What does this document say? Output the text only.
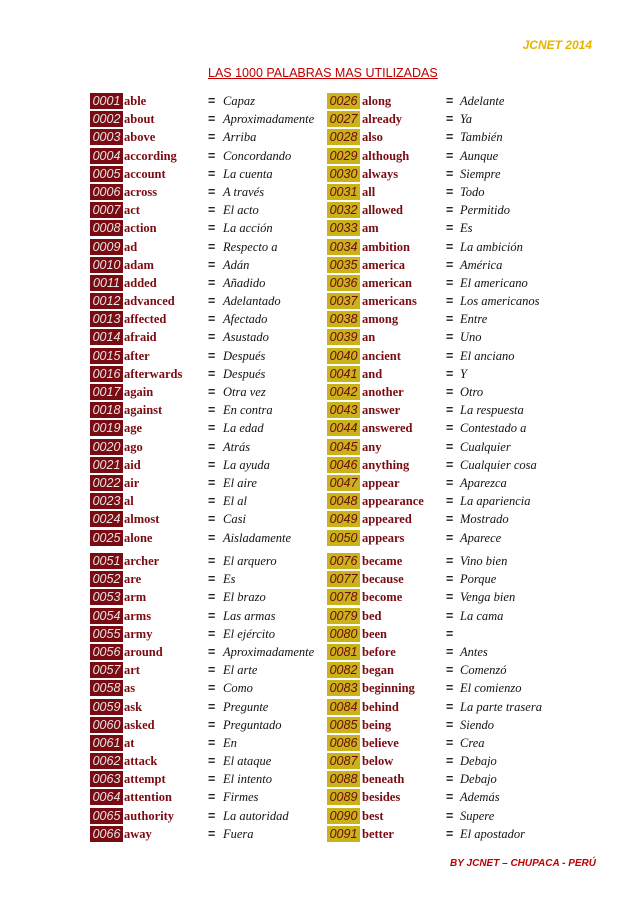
JCNET 2014
LAS 1000 PALABRAS MAS UTILIZADAS
0001 able	= Capaz	0026 along	= Adelante
0002 about	= Aproximadamente 0027 already	= Ya
0003 above	= Arriba	0028 also	= También
0004 according = Concordando	0029 although	= Aunque
0005 account	= La cuenta	0030 always	= Siempre
0006 across	= A través	0031 all	= Todo
0007 act	= El acto	0032 allowed	= Permitido
0008 action	= La acción	0033 am	= Es
0009 ad	= Respecto a	0034 ambition	= La ambición
0010 adam	= Adán	0035 america	= América
0011 added	= Añadido	0036 american	= El americano
0012 advanced	= Adelantado	0037 americans = Los americanos
0013 affected	= Afectado	0038 among	= Entre
0014 afraid	= Asustado	0039 an	= Uno
0015 after	= Después	0040 ancient	= El anciano
0016 afterwards = Después	0041 and	= Y
0017 again	= Otra vez	0042 another	= Otro
0018 against	= En contra	0043 answer	= La respuesta
0019 age	= La edad	0044 answered	= Contestado a
0020 ago	= Atrás	0045 any	= Cualquier
0021 aid	= La ayuda	0046 anything	= Cualquier cosa
0022 air	= El aire	0047 appear	= Aparezca
0023 al	= El al	0048 appearance = La apariencia
0024 almost	= Casi	0049 appeared	= Mostrado
0025 alone	= Aisladamente	0050 appears	= Aparece
0051 archer	= El arquero	0076 became	= Vino bien
0052 are	= Es	0077 because	= Porque
0053 arm	= El brazo	0078 become	= Venga bien
0054 arms	= Las armas	0079 bed	= La cama
0055 army	= El ejército	0080 been	=
0056 around	= Aproximadamente 0081 before	= Antes
0057 art	= El arte	0082 began	= Comenzó
0058 as	= Como	0083 beginning = El comienzo
0059 ask	= Pregunte	0084 behind	= La parte trasera
0060 asked	= Preguntado	0085 being	= Siendo
0061 at	= En	0086 believe	= Crea
0062 attack	= El ataque	0087 below	= Debajo
0063 attempt	= El intento	0088 beneath	= Debajo
0064 attention	= Firmes	0089 besides	= Además
0065 authority	= La autoridad	0090 best	= Supere
0066 away	= Fuera	0091 better	= El apostador
BY JCNET – CHUPACA - PERÚ
